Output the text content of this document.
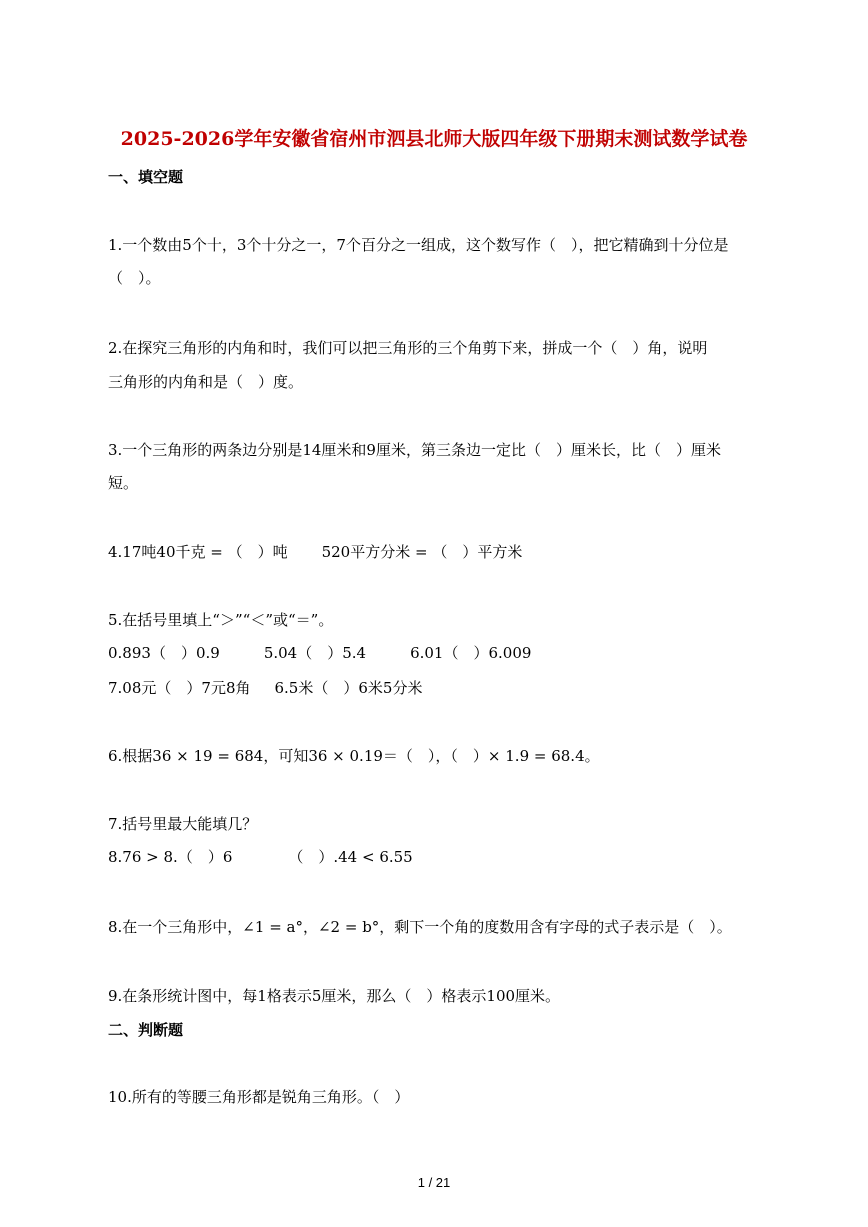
2025-2026学年安徽省宿州市泗县北师大版四年级下册期末测试数学试卷
一、填空题
1.一个数由5个十，3个十分之一，7个百分之一组成，这个数写作（　），把它精确到十分位是
（　）。
2.在探究三角形的内角和时，我们可以把三角形的三个角剪下来，拼成一个（　）角，说明
三角形的内角和是（　）度。
3.一个三角形的两条边分别是14厘米和9厘米，第三条边一定比（　）厘米长，比（　）厘米
短。
4.17吨40千克 = （　）吨 520平方分米 = （　）平方米
5.在括号里填上“＞”“＜”或“＝”。
0.893（　）0.9	5.04（　）5.4	6.01（　）6.009
7.08元（　）7元8角 6.5米（　）6米5分米
6.根据36 × 19 = 684，可知36 × 0.19＝（　），（　）× 1.9 = 68.4。
7.括号里最大能填几？
8.76 > 8.（　）6	（　）.44 < 6.55
8.在一个三角形中，∠1 = a°，∠2 = b°，剩下一个角的度数用含有字母的式子表示是（　）。
9.在条形统计图中，每1格表示5厘米，那么（　）格表示100厘米。
二、判断题
10.所有的等腰三角形都是锐角三角形。（　）
1 / 21
